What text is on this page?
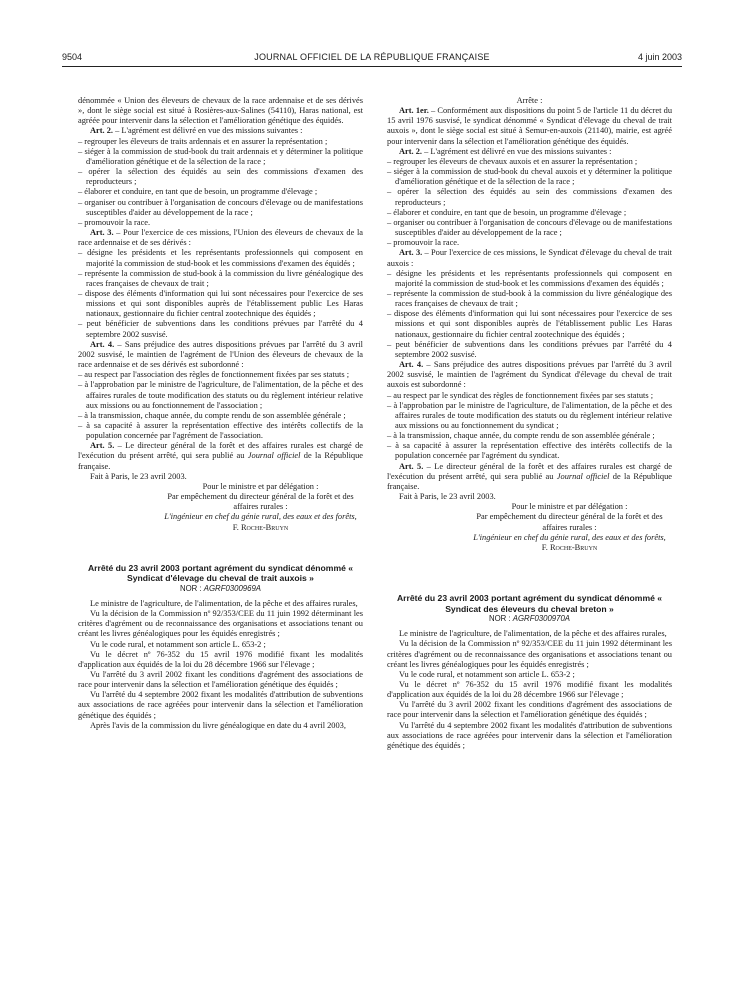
9504	JOURNAL OFFICIEL DE LA RÉPUBLIQUE FRANÇAISE	4 juin 2003

dénommée « Union des éleveurs de chevaux de la race ardennaise et de ses dérivés », dont le siège social est situé à Rosières-aux-Salines (54110), Haras national, est agréée pour intervenir dans la sélection et l'amélioration génétique des équidés.

Art. 2. – L'agrément est délivré en vue des missions suivantes :

– regrouper les éleveurs de traits ardennais et en assurer la représentation ;

– siéger à la commission de stud-book du trait ardennais et y déterminer la politique d'amélioration génétique et de la sélection de la race ;

– opérer la sélection des équidés au sein des commissions d'examen des reproducteurs ;

– élaborer et conduire, en tant que de besoin, un programme d'élevage ;

– organiser ou contribuer à l'organisation de concours d'élevage ou de manifestations susceptibles d'aider au développement de la race ;

– promouvoir la race.

Art. 3. – Pour l'exercice de ces missions, l'Union des éleveurs de chevaux de la race ardennaise et de ses dérivés :

– désigne les présidents et les représentants professionnels qui composent en majorité la commission de stud-book et les commissions d'examen des équidés ;

– représente la commission de stud-book à la commission du livre généalogique des races françaises de chevaux de trait ;

– dispose des éléments d'information qui lui sont nécessaires pour l'exercice de ses missions et qui sont disponibles auprès de l'établissement public Les Haras nationaux, gestionnaire du fichier central zootechnique des équidés ;

– peut bénéficier de subventions dans les conditions prévues par l'arrêté du 4 septembre 2002 susvisé.

Art. 4. – Sans préjudice des autres dispositions prévues par l'arrêté du 3 avril 2002 susvisé, le maintien de l'agrément de l'Union des éleveurs de chevaux de la race ardennaise et de ses dérivés est subordonné :

– au respect par l'association des règles de fonctionnement fixées par ses statuts ;

– à l'approbation par le ministre de l'agriculture, de l'alimentation, de la pêche et des affaires rurales de toute modification des statuts ou du règlement intérieur relative aux missions ou au fonctionnement de l'association ;

– à la transmission, chaque année, du compte rendu de son assemblée générale ;

– à sa capacité à assurer la représentation effective des intérêts collectifs de la population concernée par l'agrément de l'association.

Art. 5. – Le directeur général de la forêt et des affaires rurales est chargé de l'exécution du présent arrêté, qui sera publié au Journal officiel de la République française.

Fait à Paris, le 23 avril 2003.

Pour le ministre et par délégation :

Par empêchement du directeur général de la forêt et des affaires rurales :

L'ingénieur en chef du génie rural, des eaux et des forêts,

F. Roche-Bruyn

Arrêté du 23 avril 2003 portant agrément du syndicat dénommé « Syndicat d'élevage du cheval de trait auxois »

NOR : AGRF0300969A

Le ministre de l'agriculture, de l'alimentation, de la pêche et des affaires rurales,

Vu la décision de la Commission nº 92/353/CEE du 11 juin 1992 déterminant les critères d'agrément ou de reconnaissance des organisations et associations tenant ou créant les livres généalogiques pour les équidés enregistrés ;

Vu le code rural, et notamment son article L. 653-2 ;

Vu le décret nº 76-352 du 15 avril 1976 modifié fixant les modalités d'application aux équidés de la loi du 28 décembre 1966 sur l'élevage ;

Vu l'arrêté du 3 avril 2002 fixant les conditions d'agrément des associations de race pour intervenir dans la sélection et l'amélioration génétique des équidés ;

Vu l'arrêté du 4 septembre 2002 fixant les modalités d'attribution de subventions aux associations de race agréées pour intervenir dans la sélection et l'amélioration génétique des équidés ;

Après l'avis de la commission du livre généalogique en date du 4 avril 2003,

Arrête :

Art. 1er. – Conformément aux dispositions du point 5 de l'article 11 du décret du 15 avril 1976 susvisé, le syndicat dénommé « Syndicat d'élevage du cheval de trait auxois », dont le siège social est situé à Semur-en-auxois (21140), mairie, est agréé pour intervenir dans la sélection et l'amélioration génétique des équidés.

Art. 2. – L'agrément est délivré en vue des missions suivantes :

– regrouper les éleveurs de chevaux auxois et en assurer la représentation ;

– siéger à la commission de stud-book du cheval auxois et y déterminer la politique d'amélioration génétique et de la sélection de la race ;

– opérer la sélection des équidés au sein des commissions d'examen des reproducteurs ;

– élaborer et conduire, en tant que de besoin, un programme d'élevage ;

– organiser ou contribuer à l'organisation de concours d'élevage ou de manifestations susceptibles d'aider au développement de la race ;

– promouvoir la race.

Art. 3. – Pour l'exercice de ces missions, le Syndicat d'élevage du cheval de trait auxois :

– désigne les présidents et les représentants professionnels qui composent en majorité la commission de stud-book et les commissions d'examen des équidés ;

– représente la commission de stud-book à la commission du livre généalogique des races françaises de chevaux de trait ;

– dispose des éléments d'information qui lui sont nécessaires pour l'exercice de ses missions et qui sont disponibles auprès de l'établissement public Les Haras nationaux, gestionnaire du fichier central zootechnique des équidés ;

– peut bénéficier de subventions dans les conditions prévues par l'arrêté du 4 septembre 2002 susvisé.

Art. 4. – Sans préjudice des autres dispositions prévues par l'arrêté du 3 avril 2002 susvisé, le maintien de l'agrément du Syndicat d'élevage du cheval de trait auxois est subordonné :

– au respect par le syndicat des règles de fonctionnement fixées par ses statuts ;

– à l'approbation par le ministre de l'agriculture, de l'alimentation, de la pêche et des affaires rurales de toute modification des statuts ou du règlement intérieur relative aux missions ou au fonctionnement du syndicat ;

– à la transmission, chaque année, du compte rendu de son assemblée générale ;

– à sa capacité à assurer la représentation effective des intérêts collectifs de la population concernée par l'agrément du syndicat.

Art. 5. – Le directeur général de la forêt et des affaires rurales est chargé de l'exécution du présent arrêté, qui sera publié au Journal officiel de la République française.

Fait à Paris, le 23 avril 2003.

Pour le ministre et par délégation :

Par empêchement du directeur général de la forêt et des affaires rurales :

L'ingénieur en chef du génie rural, des eaux et des forêts,

F. Roche-Bruyn

Arrêté du 23 avril 2003 portant agrément du syndicat dénommé « Syndicat des éleveurs du cheval breton »

NOR : AGRF0300970A

Le ministre de l'agriculture, de l'alimentation, de la pêche et des affaires rurales,

Vu la décision de la Commission nº 92/353/CEE du 11 juin 1992 déterminant les critères d'agrément ou de reconnaissance des organisations et associations tenant ou créant les livres généalogiques pour les équidés enregistrés ;

Vu le code rural, et notamment son article L. 653-2 ;

Vu le décret nº 76-352 du 15 avril 1976 modifié fixant les modalités d'application aux équidés de la loi du 28 décembre 1966 sur l'élevage ;

Vu l'arrêté du 3 avril 2002 fixant les conditions d'agrément des associations de race pour intervenir dans la sélection et l'amélioration génétique des équidés ;

Vu l'arrêté du 4 septembre 2002 fixant les modalités d'attribution de subventions aux associations de race agréées pour intervenir dans la sélection et l'amélioration génétique des équidés ;
